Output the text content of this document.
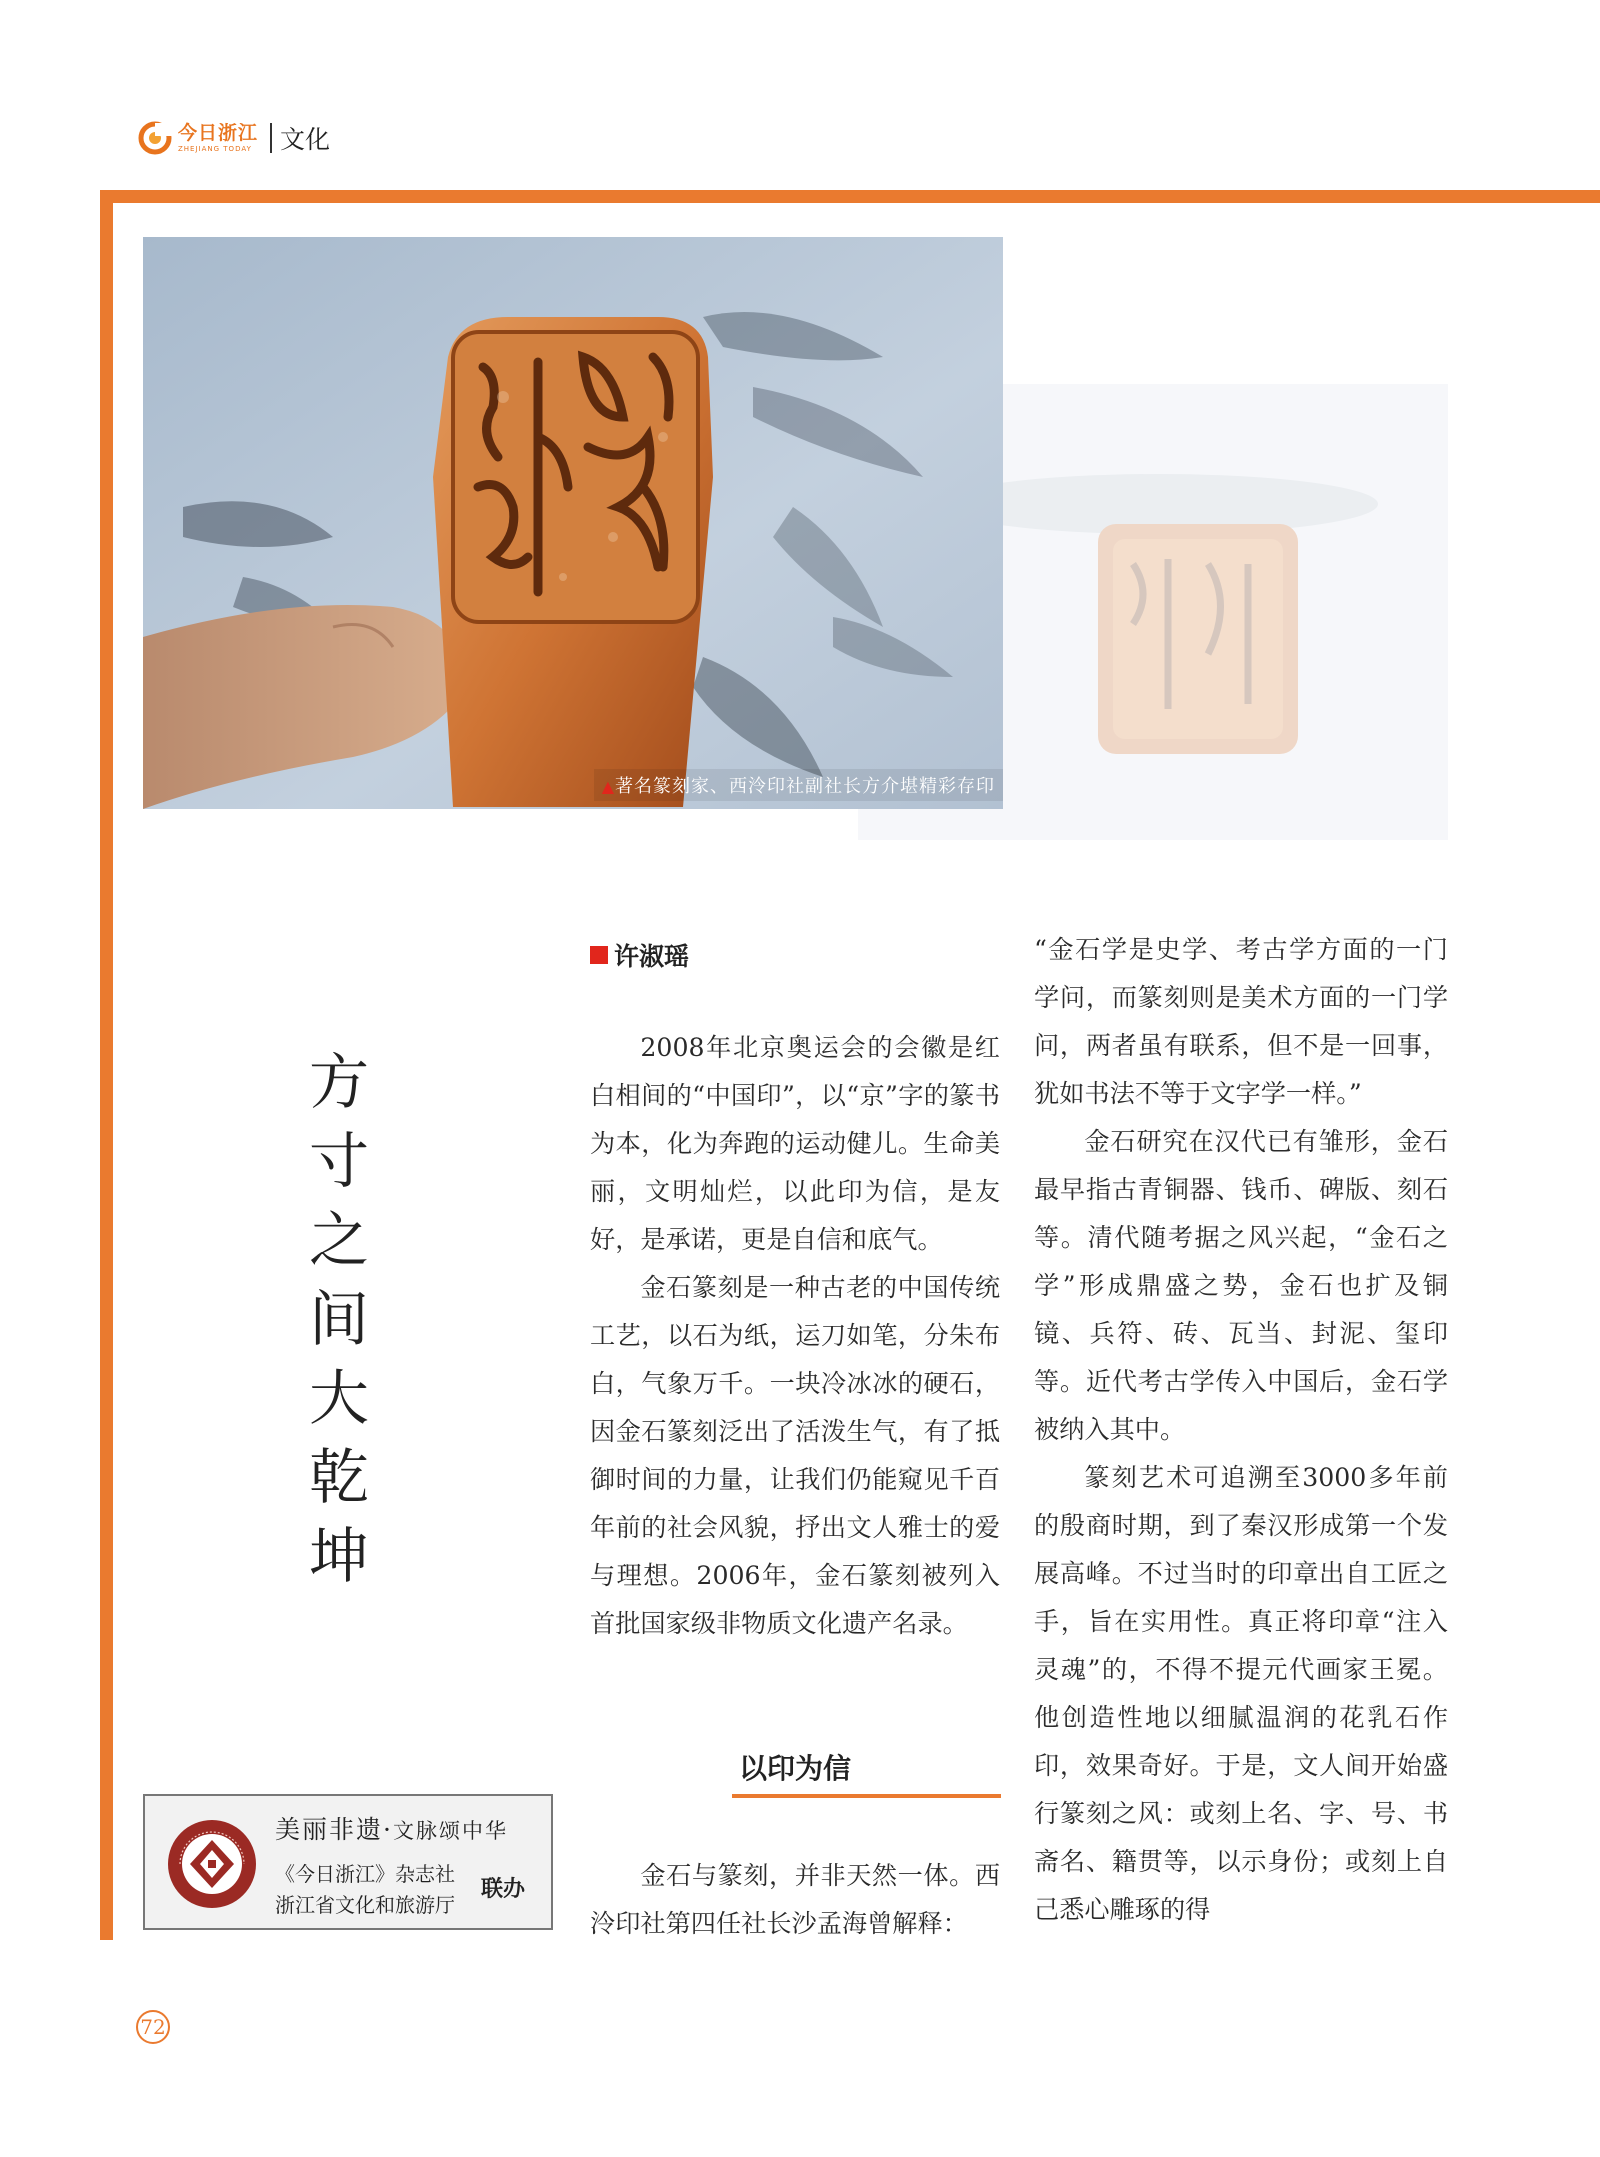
今日浙江
ZHEJIANG TODAY 文化
▲著名篆刻家、西泠印社副社长方介堪精彩存印
方
寸
之
间
大
乾
坤
美丽非遗·文脉颂中华
《今日浙江》杂志社
浙江省文化和旅游厅
联办
许淑瑶

2008年北京奥运会的会徽是红白相间的“中国印”，以“京”字的篆书为本，化为奔跑的运动健儿。生命美丽，文明灿烂，以此印为信，是友好，是承诺，更是自信和底气。

金石篆刻是一种古老的中国传统工艺，以石为纸，运刀如笔，分朱布白，气象万千。一块冷冰冰的硬石，因金石篆刻泛出了活泼生气，有了抵御时间的力量，让我们仍能窥见千百年前的社会风貌，抒出文人雅士的爱与理想。2006年，金石篆刻被列入首批国家级非物质文化遗产名录。

以印为信

金石与篆刻，并非天然一体。西泠印社第四任社长沙孟海曾解释：

“金石学是史学、考古学方面的一门学问，而篆刻则是美术方面的一门学问，两者虽有联系，但不是一回事，犹如书法不等于文字学一样。”

金石研究在汉代已有雏形，金石最早指古青铜器、钱币、碑版、刻石等。清代随考据之风兴起，“金石之学”形成鼎盛之势，金石也扩及铜镜、兵符、砖、瓦当、封泥、玺印等。近代考古学传入中国后，金石学被纳入其中。

篆刻艺术可追溯至3000多年前的殷商时期，到了秦汉形成第一个发展高峰。不过当时的印章出自工匠之手，旨在实用性。真正将印章“注入灵魂”的，不得不提元代画家王冕。他创造性地以细腻温润的花乳石作印，效果奇好。于是，文人间开始盛行篆刻之风：或刻上名、字、号、书斋名、籍贯等，以示身份；或刻上自己悉心雕琢的得

72
